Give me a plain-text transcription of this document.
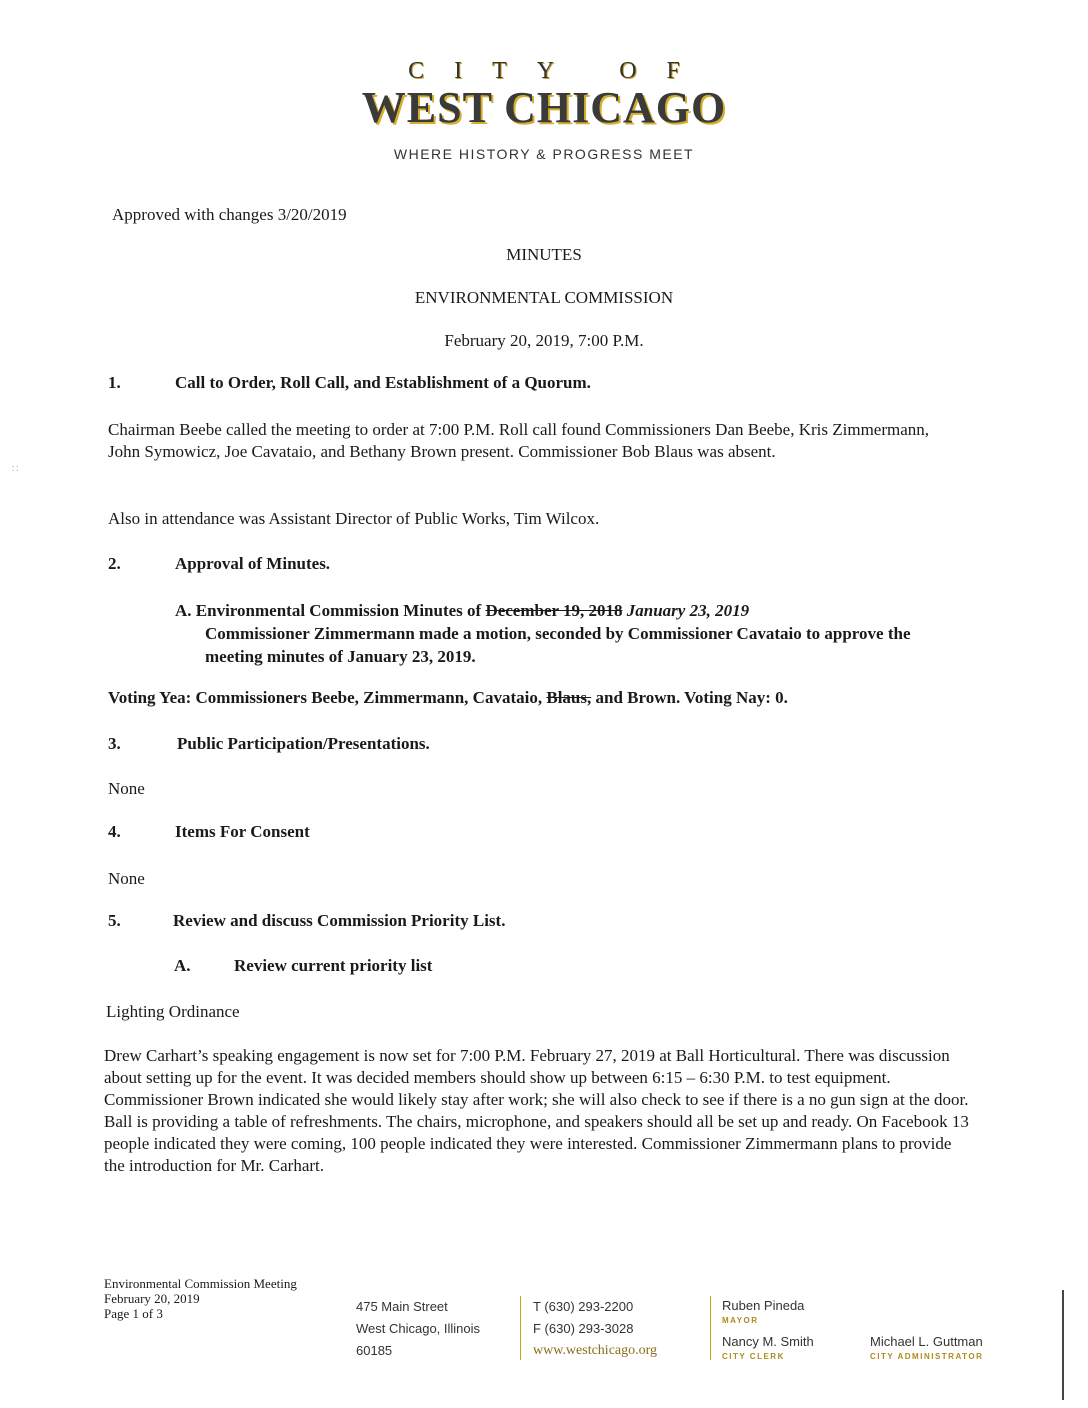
CITY OF
WEST CHICAGO
WHERE HISTORY & PROGRESS MEET
Approved with changes 3/20/2019
MINUTES
ENVIRONMENTAL COMMISSION
February 20, 2019, 7:00 P.M.
1.	Call to Order, Roll Call, and Establishment of a Quorum.
∷
Chairman Beebe called the meeting to order at 7:00 P.M. Roll call found Commissioners Dan Beebe, Kris Zimmermann, John Symowicz, Joe Cavataio, and Bethany Brown present. Commissioner Bob Blaus was absent.
Also in attendance was Assistant Director of Public Works, Tim Wilcox.
2.	Approval of Minutes.
A. Environmental Commission Minutes of December 19, 2018 January 23, 2019
Commissioner Zimmermann made a motion, seconded by Commissioner Cavataio to approve the meeting minutes of January 23, 2019.
Voting Yea: Commissioners Beebe, Zimmermann, Cavataio, Blaus, and Brown. Voting Nay: 0.
3.	Public Participation/Presentations.
None
4.	Items For Consent
None
5.	Review and discuss Commission Priority List.
A.	Review current priority list
Lighting Ordinance
Drew Carhart’s speaking engagement is now set for 7:00 P.M. February 27, 2019 at Ball Horticultural. There was discussion about setting up for the event. It was decided members should show up between 6:15 – 6:30 P.M. to test equipment. Commissioner Brown indicated she would likely stay after work; she will also check to see if there is a no gun sign at the door. Ball is providing a table of refreshments. The chairs, microphone, and speakers should all be set up and ready. On Facebook 13 people indicated they were coming, 100 people indicated they were interested. Commissioner Zimmermann plans to provide the introduction for Mr. Carhart.
Environmental Commission Meeting
February 20, 2019
Page 1 of 3	475 Main Street
West Chicago, Illinois
60185
T (630) 293-2200
F (630) 293-3028
www.westchicago.org
Ruben Pineda
MAYOR
Nancy M. Smith
CITY CLERK
Michael L. Guttman
CITY ADMINISTRATOR
